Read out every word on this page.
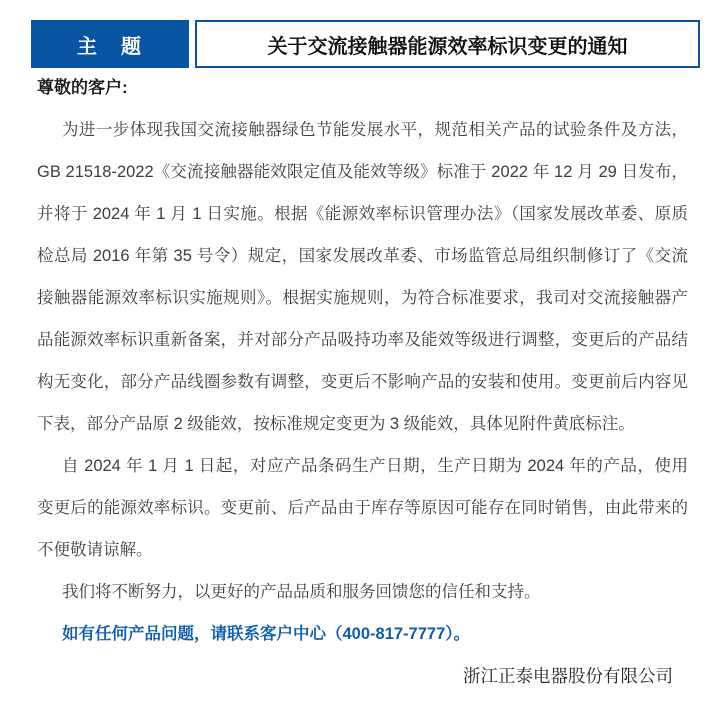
主　题	关于交流接触器能源效率标识变更的通知
尊敬的客户:
为进一步体现我国交流接触器绿色节能发展水平，规范相关产品的试验条件及方法，
GB 21518-2022《交流接触器能效限定值及能效等级》标准于 2022 年 12 月 29 日发布，
并将于 2024 年 1 月 1 日实施。根据《能源效率标识管理办法》（国家发展改革委、原质
检总局 2016 年第 35 号令）规定，国家发展改革委、市场监管总局组织制修订了《交流
接触器能源效率标识实施规则》。根据实施规则，为符合标准要求，我司对交流接触器产
品能源效率标识重新备案，并对部分产品吸持功率及能效等级进行调整，变更后的产品结
构无变化，部分产品线圈参数有调整，变更后不影响产品的安装和使用。变更前后内容见
下表，部分产品原 2 级能效，按标准规定变更为 3 级能效，具体见附件黄底标注。
自 2024 年 1 月 1 日起，对应产品条码生产日期，生产日期为 2024 年的产品，使用
变更后的能源效率标识。变更前、后产品由于库存等原因可能存在同时销售，由此带来的
不便敬请谅解。
我们将不断努力，以更好的产品品质和服务回馈您的信任和支持。
如有任何产品问题，请联系客户中心（400-817-7777）。
浙江正泰电器股份有限公司
